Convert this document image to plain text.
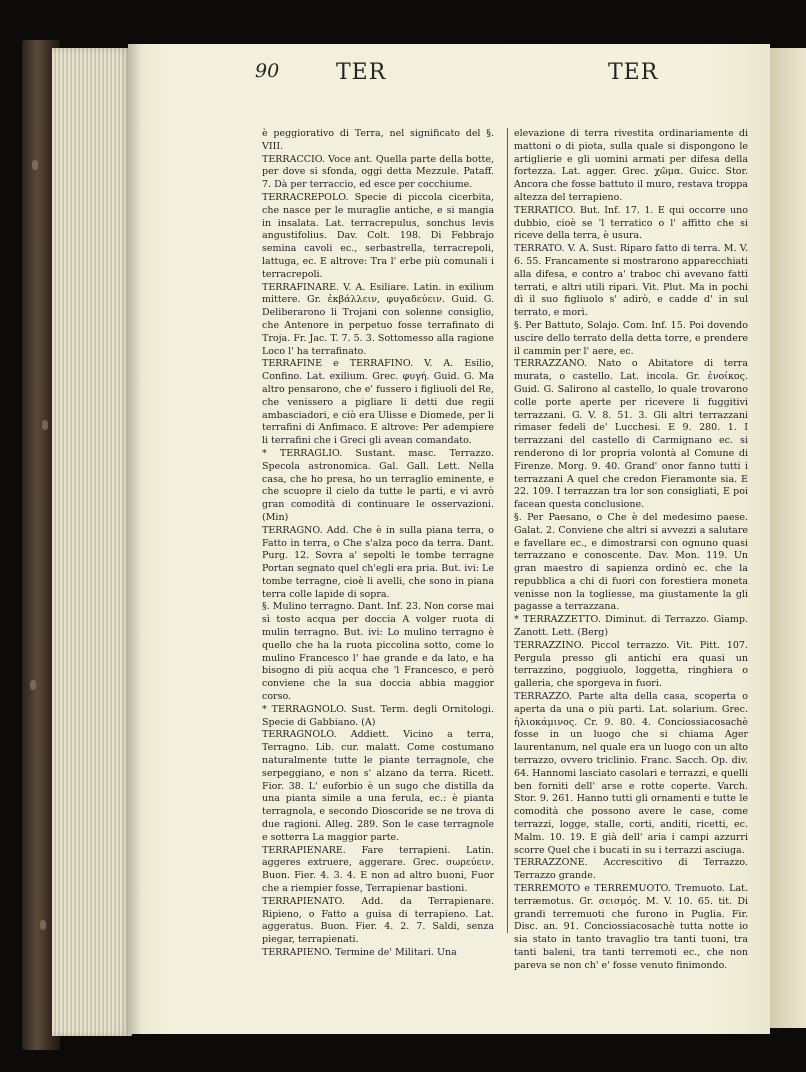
90	TER	TER

è peggiorativo di Terra, nel significato del §. VIII.

TERRACCIO. Voce ant. Quella parte della botte, per dove si sfonda, oggi detta Mezzule. Pataff. 7. Dà per terraccio, ed esce per cocchiume.

TERRACREPOLO. Specie di piccola cicerbita, che nasce per le muraglie antiche, e si mangia in insalata. Lat. terracrepulus, sonchus levis angustifolius. Dav. Colt. 198. Di Febbrajo semina cavoli ec., serbastrella, terracrepoli, lattuga, ec. E altrove: Tra l' erbe più comunali i terracrepoli.

TERRAFINARE. V. A. Esiliare. Latin. in exilium mittere. Gr. ἐκβάλλειν, φυγαδεύειν. Guid. G. Deliberarono li Trojani con solenne consiglio, che Antenore in perpetuo fosse terrafinato di Troja. Fr. Jac. T. 7. 5. 3. Sottomesso alla ragione Loco l' ha terrafinato.

TERRAFINE e TERRAFINO. V. A. Esilio, Confino. Lat. exilium. Grec. φυγή. Guid. G. Ma altro pensarono, che e' fussero i figliuoli del Re, che venissero a pigliare li detti due regii ambasciadori, e ciò era Ulisse e Diomede, per li terrafini di Anfimaco. E altrove: Per adempiere li terrafini che i Greci gli avean comandato.

* TERRAGLIO. Sustant. masc. Terrazzo. Specola astronomica. Gal. Gall. Lett. Nella casa, che ho presa, ho un terraglio eminente, e che scuopre il cielo da tutte le parti, e vi avrò gran comodità di continuare le osservazioni. (Min)

TERRAGNO. Add. Che è in sulla piana terra, o Fatto in terra, o Che s'alza poco da terra. Dant. Purg. 12. Sovra a' sepolti le tombe terragne Portan segnato quel ch'egli era pria. But. ivi: Le tombe terragne, cioè li avelli, che sono in piana terra colle lapide di sopra.

§. Mulino terragno. Dant. Inf. 23. Non corse mai sì tosto acqua per doccia A volger ruota di mulin terragno. But. ivi: Lo mulino terragno è quello che ha la ruota piccolina sotto, come lo mulino Francesco l' hae grande e da lato, e ha bisogno di più acqua che 'l Francesco, e però conviene che la sua doccia abbia maggior corso.

* TERRAGNOLO. Sust. Term. degli Ornitologi. Specie di Gabbiano. (A)

TERRAGNOLO. Addiett. Vicino a terra, Terragno. Lib. cur. malatt. Come costumano naturalmente tutte le piante terragnole, che serpeggiano, e non s' alzano da terra. Ricett. Fior. 38. L' euforbio è un sugo che distilla da una pianta simile a una ferula, ec.: è pianta terragnola, e secondo Dioscoride se ne trova di due ragioni. Alleg. 289. Son le case terragnole e sotterra La maggior parte.

TERRAPIENARE. Fare terrapieni. Latin. aggeres extruere, aggerare. Grec. σωρεύειν. Buon. Fier. 4. 3. 4. E non ad altro buoni, Fuor che a riempier fosse, Terrapienar bastioni.

TERRAPIENATO. Add. da Terrapienare. Ripieno, o Fatto a guisa di terrapieno. Lat. aggeratus. Buon. Fier. 4. 2. 7. Saldi, senza piegar, terrapienati.

TERRAPIENO. Termine de' Militari. Una

elevazione di terra rivestita ordinariamente di mattoni o di piota, sulla quale si dispongono le artiglierie e gli uomini armati per difesa della fortezza. Lat. agger. Grec. χῶμα. Guicc. Stor. Ancora che fosse battuto il muro, restava troppa altezza del terrapieno.

TERRATICO. But. Inf. 17. 1. E qui occorre uno dubbio, cioè se 'l terratico o l' affitto che si riceve della terra, è usura.

TERRATO. V. A. Sust. Riparo fatto di terra. M. V. 6. 55. Francamente si mostrarono apparecchiati alla difesa, e contro a' traboc chi avevano fatti terrati, e altri utili ripari. Vit. Plut. Ma in pochi dì il suo figliuolo s' adirò, e cadde d' in sul terrato, e morì.

§. Per Battuto, Solajo. Com. Inf. 15. Poi dovendo uscire dello terrato della detta torre, e prendere il cammin per l' aere, ec.

TERRAZZANO. Nato o Abitatore di terra murata, o castello. Lat. incola. Gr. ἐνοίκος. Guid. G. Salirono al castello, lo quale trovarono colle porte aperte per ricevere li fuggitivi terrazzani. G. V. 8. 51. 3. Gli altri terrazzani rimaser fedeli de' Lucchesi. E 9. 280. 1. I terrazzani del castello di Carmignano ec. si renderono di lor propria volontà al Comune di Firenze. Morg. 9. 40. Grand' onor fanno tutti i terrazzani A quel che credon Fieramonte sia. E 22. 109. I terrazzan tra lor son consigliati, E poi facean questa conclusione.

§. Per Paesano, o Che è del medesimo paese. Galat. 2. Conviene che altri si avvezzi a salutare e favellare ec., e dimostrarsi con ognuno quasi terrazzano e conoscente. Dav. Mon. 119. Un gran maestro di sapienza ordinò ec. che la repubblica a chi di fuori con forestiera moneta venisse non la togliesse, ma giustamente la gli pagasse a terrazzana.

* TERRAZZETTO. Diminut. di Terrazzo. Giamp. Zanott. Lett. (Berg)

TERRAZZINO. Piccol terrazzo. Vit. Pitt. 107. Pergula presso gli antichi era quasi un terrazzino, poggiuolo, loggetta, ringhiera o galleria, che sporgeva in fuori.

TERRAZZO. Parte alta della casa, scoperta o aperta da una o più parti. Lat. solarium. Grec. ἡλιοκάμινος. Cr. 9. 80. 4. Conciossiacosachè fosse in un luogo che si chiama Ager laurentanum, nel quale era un luogo con un alto terrazzo, ovvero triclinio. Franc. Sacch. Op. div. 64. Hannomi lasciato casolari e terrazzi, e quelli ben forniti dell' arse e rotte coperte. Varch. Stor. 9. 261. Hanno tutti gli ornamenti e tutte le comodità che possono avere le case, come terrazzi, logge, stalle, corti, anditi, ricetti, ec. Malm. 10. 19. E già dell' aria i campi azzurri scorre Quel che i bucati in su i terrazzi asciuga.

TERRAZZONE. Accrescitivo di Terrazzo. Terrazzo grande.

TERREMOTO e TERREMUOTO. Tremuoto. Lat. terræmotus. Gr. σεισμός. M. V. 10. 65. tit. Di grandi terremuoti che furono in Puglia. Fir. Disc. an. 91. Conciossiacosachè tutta notte io sia stato in tanto travaglio tra tanti tuoni, tra tanti baleni, tra tanti terremoti ec., che non pareva se non ch' e' fosse venuto finimondo.
